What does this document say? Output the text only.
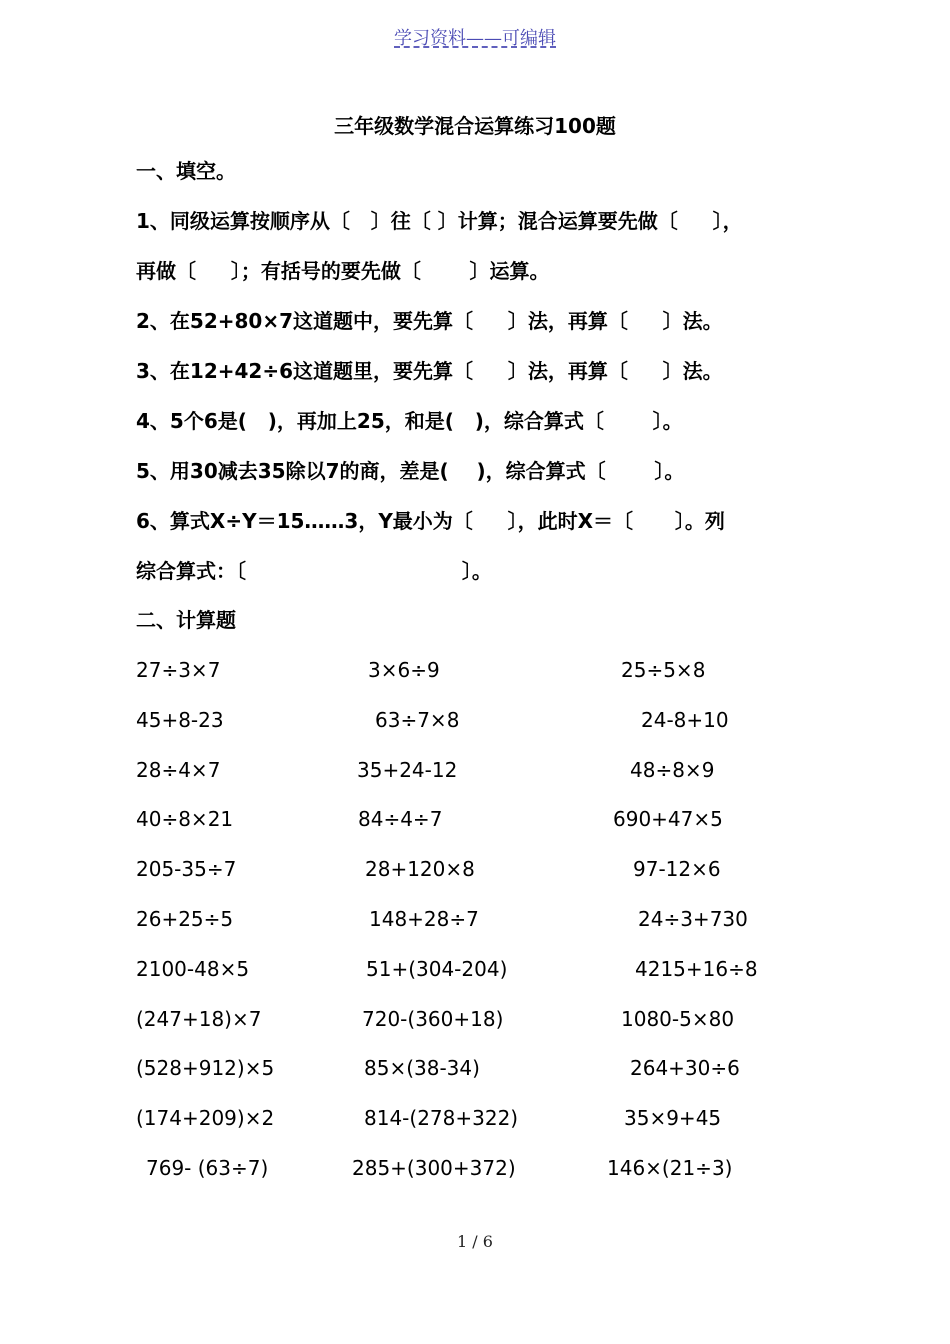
学习资料——可编辑
三年级数学混合运算练习100题
一、填空。
1、同级运算按顺序从〔   〕往〔 〕计算；混合运算要先做〔     〕，
再做〔     〕；有括号的要先做〔       〕运算。
2、在52+80×7这道题中，要先算〔     〕法，再算〔     〕法。
3、在12+42÷6这道题里，要先算〔     〕法，再算〔     〕法。
4、5个6是(   )，再加上25，和是(   )，综合算式〔       〕。
5、用30减去35除以7的商，差是(    )，综合算式〔       〕。
6、算式X÷Y＝15……3，Y最小为〔     〕，此时X＝〔      〕。列
综合算式：〔                               〕。
二、计算题
27÷3×7	3×6÷9	25÷5×8
45+8-23	63÷7×8	24-8+10
28÷4×7	35+24-12	48÷8×9
40÷8×21	84÷4÷7	690+47×5
205-35÷7	28+120×8	97-12×6
26+25÷5	148+28÷7	24÷3+730
2100-48×5	51+(304-204)	4215+16÷8
(247+18)×7	720-(360+18)	1080-5×80
(528+912)×5	85×(38-34)	264+30÷6
(174+209)×2	814-(278+322)	35×9+45
769- (63÷7)	285+(300+372)	146×(21÷3)
1 / 6
